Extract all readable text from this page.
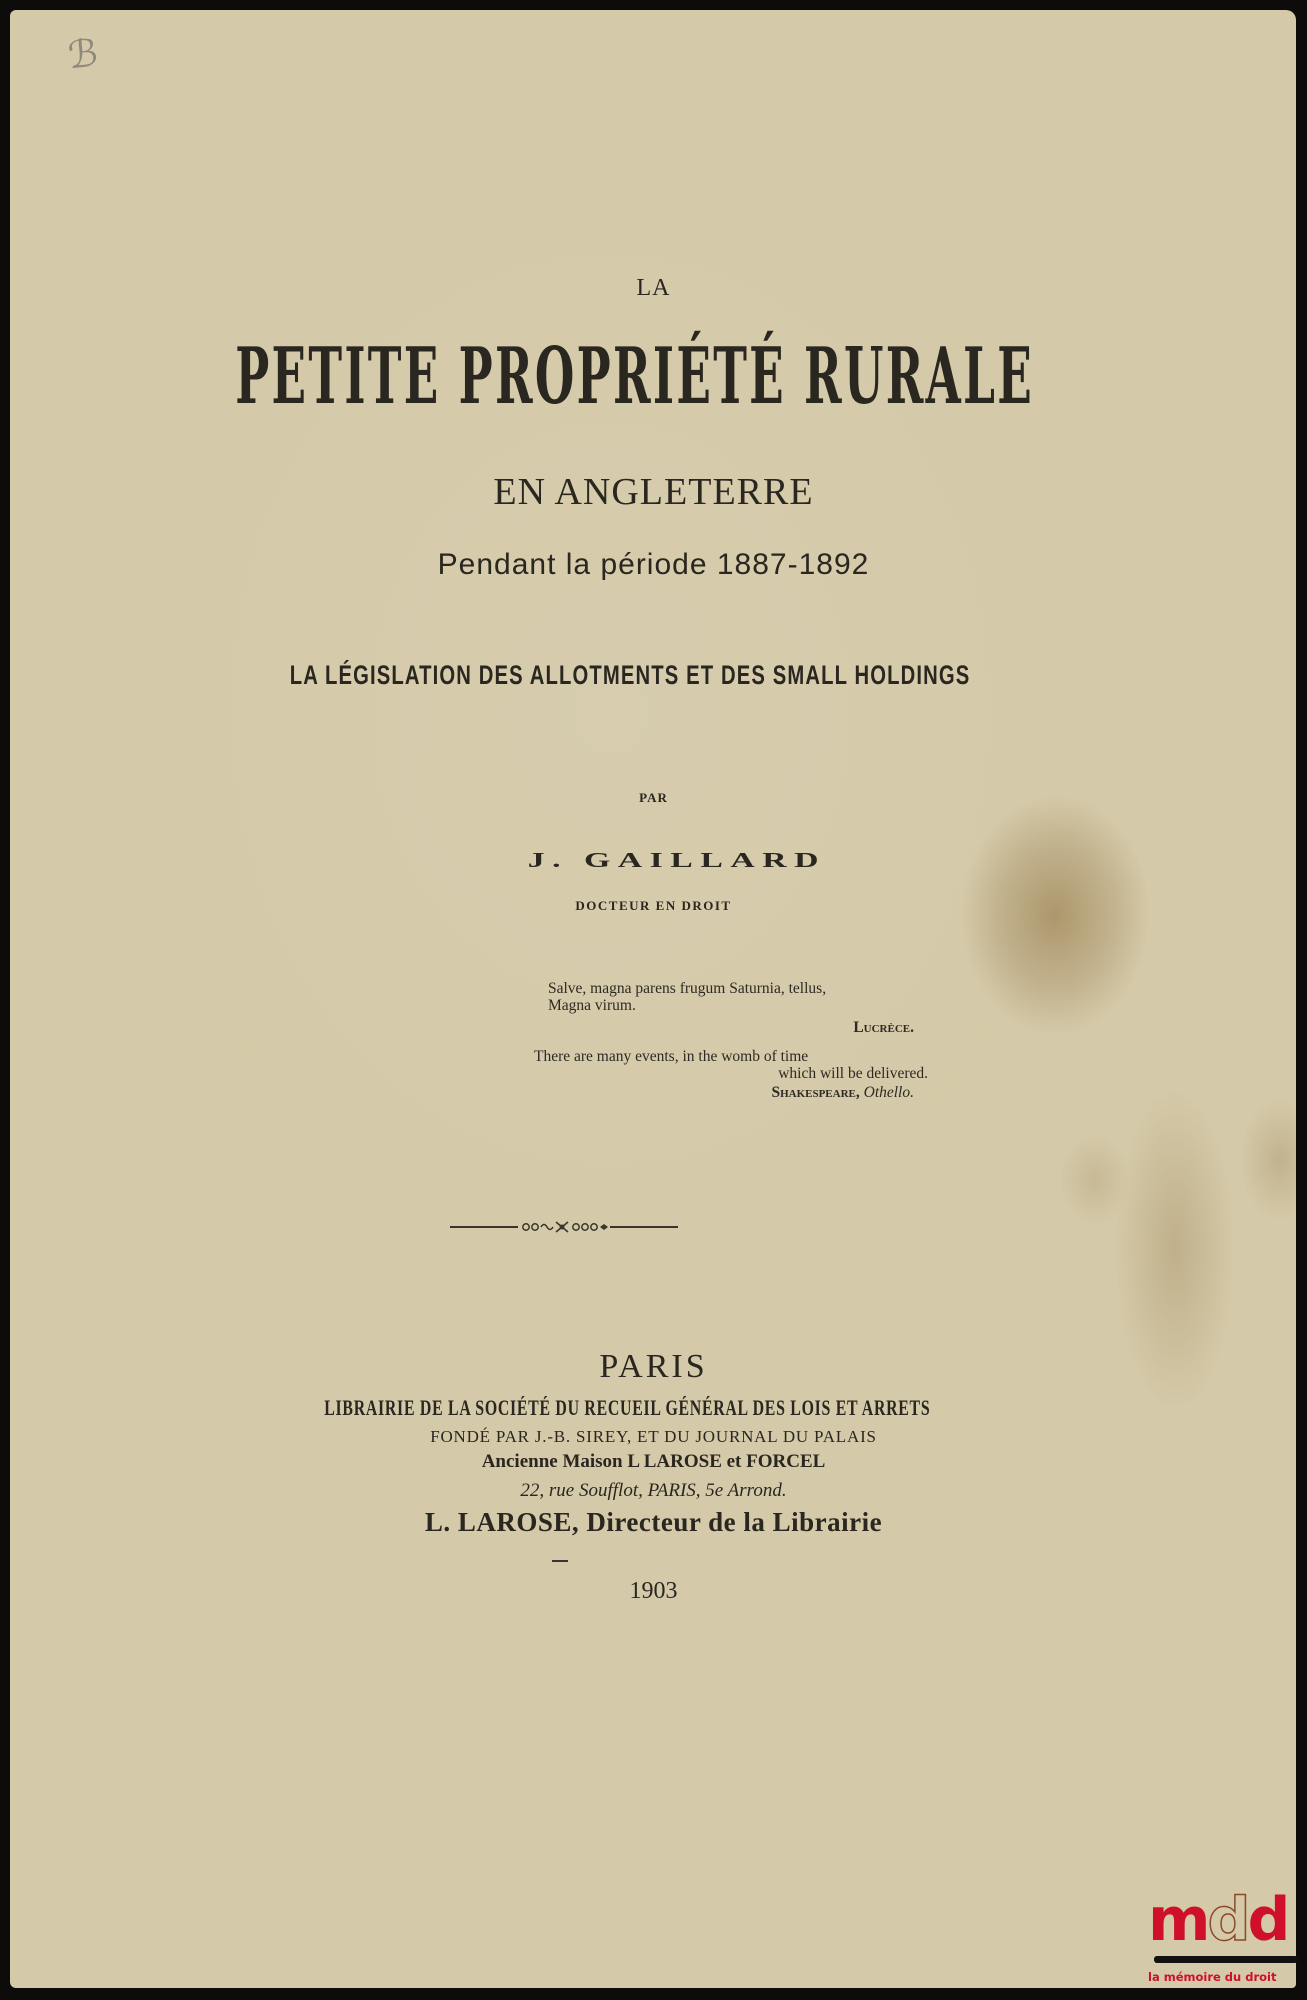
ℬ
LA
PETITE PROPRIÉTÉ RURALE
EN ANGLETERRE
Pendant la période 1887-1892
LA LÉGISLATION DES ALLOTMENTS ET DES SMALL HOLDINGS
PAR
J. GAILLARD
DOCTEUR EN DROIT
Salve, magna parens frugum Saturnia, tellus,
Magna virum.
Lucrèce.
There are many events, in the womb of time
which will be delivered.
Shakespeare, Othello.
PARIS
LIBRAIRIE DE LA SOCIÉTÉ DU RECUEIL GÉNÉRAL DES LOIS ET ARRETS
FONDÉ PAR J.-B. SIREY, ET DU JOURNAL DU PALAIS
Ancienne Maison L LAROSE et FORCEL
22, rue Soufflot, PARIS, 5e Arrond.
L. LAROSE, Directeur de la Librairie
1903
mdd
la mémoire du droit
